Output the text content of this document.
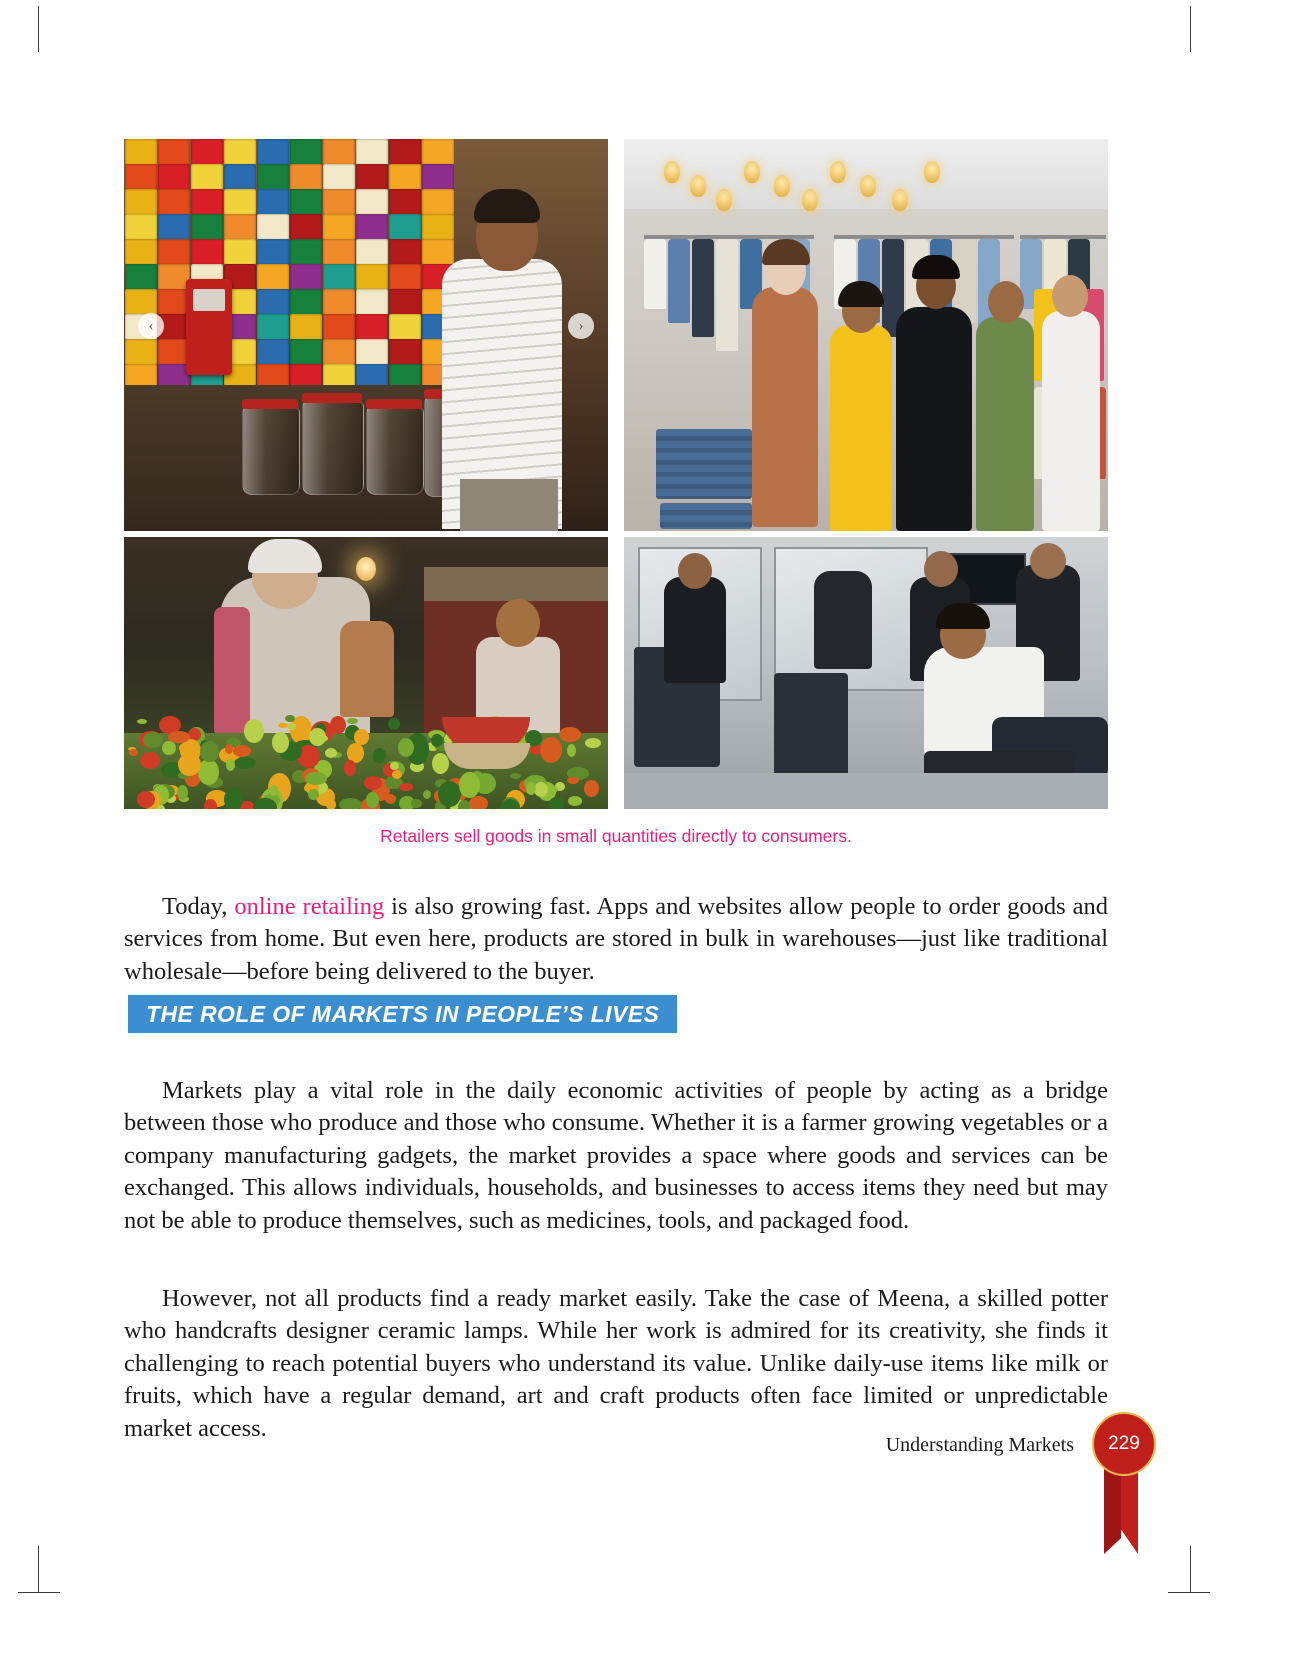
‹	›
Retailers sell goods in small quantities directly to consumers.

Today, online retailing is also growing fast. Apps and websites allow people to order goods and services from home. But even here, products are stored in bulk in warehouses—just like traditional wholesale—before being delivered to the buyer.

THE ROLE OF MARKETS IN PEOPLE’S LIVES

Markets play a vital role in the daily economic activities of people by acting as a bridge between those who produce and those who consume. Whether it is a farmer growing vegetables or a company manufacturing gadgets, the market provides a space where goods and services can be exchanged. This allows individuals, households, and businesses to access items they need but may not be able to produce themselves, such as medicines, tools, and packaged food.

However, not all products find a ready market easily. Take the case of Meena, a skilled potter who handcrafts designer ceramic lamps. While her work is admired for its creativity, she finds it challenging to reach potential buyers who understand its value. Unlike daily-use items like milk or fruits, which have a regular demand, art and craft products often face limited or unpredictable market access.

Understanding Markets 229
